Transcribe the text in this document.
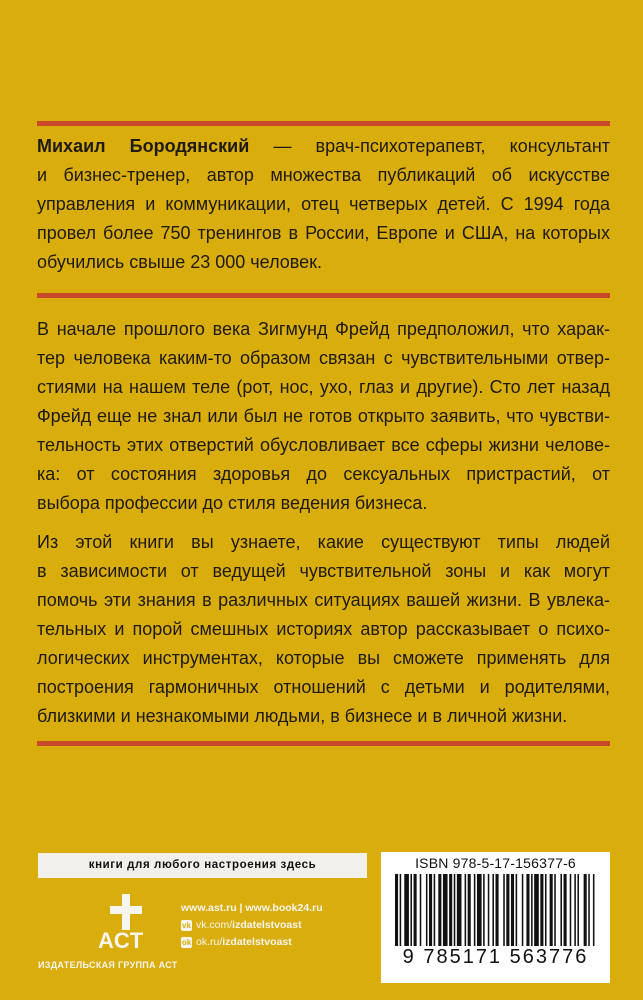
Михаил Бородянский — врач-психотерапевт, консультант
и бизнес-тренер, автор множества публикаций об искусстве
управления и коммуникации, отец четверых детей. С 1994 года
провел более 750 тренингов в России, Европе и США, на которых
обучились свыше 23 000 человек.
В начале прошлого века Зигмунд Фрейд предположил, что харак-
тер человека каким-то образом связан с чувствительными отвер-
стиями на нашем теле (рот, нос, ухо, глаз и другие). Сто лет назад
Фрейд еще не знал или был не готов открыто заявить, что чувстви-
тельность этих отверстий обусловливает все сферы жизни челове-
ка: от состояния здоровья до сексуальных пристрастий, от
выбора профессии до стиля ведения бизнеса.
Из этой книги вы узнаете, какие существуют типы людей
в зависимости от ведущей чувствительной зоны и как могут
помочь эти знания в различных ситуациях вашей жизни. В увлека-
тельных и порой смешных историях автор рассказывает о психо-
логических инструментах, которые вы сможете применять для
построения гармоничных отношений с детьми и родителями,
близкими и незнакомыми людьми, в бизнесе и в личной жизни.
книги для любого настроения здесь
ACT
ИЗДАТЕЛЬСКАЯ ГРУППА АСТ
www.ast.ru | www.book24.ru
vk vk.com/ izdatelstvoast
ok ok.ru/ izdatelstvoast
ISBN 978-5-17-156377-6
9 785171 563776
